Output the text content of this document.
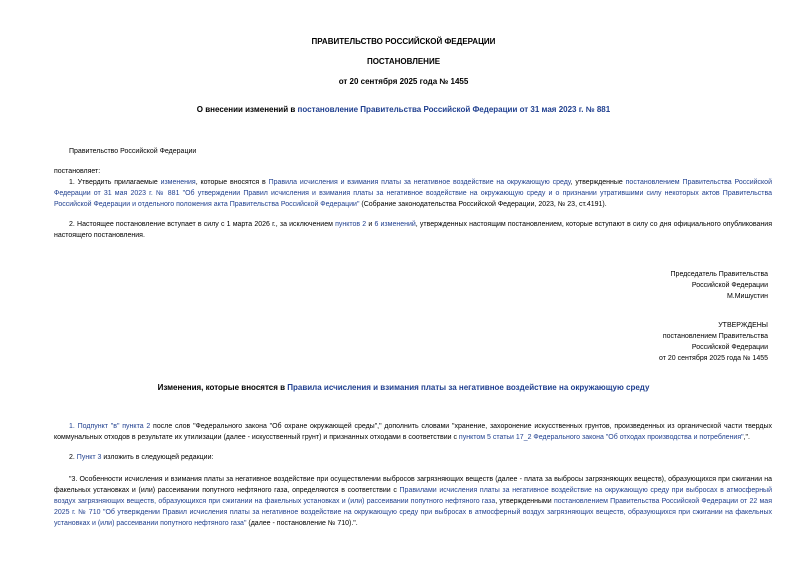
ПРАВИТЕЛЬСТВО РОССИЙСКОЙ ФЕДЕРАЦИИ
ПОСТАНОВЛЕНИЕ
от 20 сентября 2025 года № 1455
О внесении изменений в постановление Правительства Российской Федерации от 31 мая 2023 г. № 881
Правительство Российской Федерации
постановляет:

1. Утвердить прилагаемые изменения, которые вносятся в Правила исчисления и взимания платы за негативное воздействие на окружающую среду, утвержденные постановлением Правительства Российской Федерации от 31 мая 2023 г. № 881 "Об утверждении Правил исчисления и взимания платы за негативное воздействие на окружающую среду и о признании утратившими силу некоторых актов Правительства Российской Федерации и отдельного положения акта Правительства Российской Федерации" (Собрание законодательства Российской Федерации, 2023, № 23, ст.4191).

2. Настоящее постановление вступает в силу с 1 марта 2026 г., за исключением пунктов 2 и 6 изменений, утвержденных настоящим постановлением, которые вступают в силу со дня официального опубликования настоящего постановления.

Председатель Правительства
Российской Федерации
М.Мишустин
УТВЕРЖДЕНЫ
постановлением Правительства
Российской Федерации
от 20 сентября 2025 года № 1455
Изменения, которые вносятся в Правила исчисления и взимания платы за негативное воздействие на окружающую среду

1. Подпункт "в" пункта 2 после слов "Федерального закона "Об охране окружающей среды"," дополнить словами "хранение, захоронение искусственных грунтов, произведенных из органической части твердых коммунальных отходов в результате их утилизации (далее - искусственный грунт) и признанных отходами в соответствии с пунктом 5 статьи 17_2 Федерального закона "Об отходах производства и потребления",".

2. Пункт 3 изложить в следующей редакции:

"3. Особенности исчисления и взимания платы за негативное воздействие при осуществлении выбросов загрязняющих веществ (далее - плата за выбросы загрязняющих веществ), образующихся при сжигании на факельных установках и (или) рассеивании попутного нефтяного газа, определяются в соответствии с Правилами исчисления платы за негативное воздействие на окружающую среду при выбросах в атмосферный воздух загрязняющих веществ, образующихся при сжигании на факельных установках и (или) рассеивании попутного нефтяного газа, утвержденными постановлением Правительства Российской Федерации от 22 мая 2025 г. № 710 "Об утверждении Правил исчисления платы за негативное воздействие на окружающую среду при выбросах в атмосферный воздух загрязняющих веществ, образующихся при сжигании на факельных установках и (или) рассеивании попутного нефтяного газа" (далее - постановление № 710).".
